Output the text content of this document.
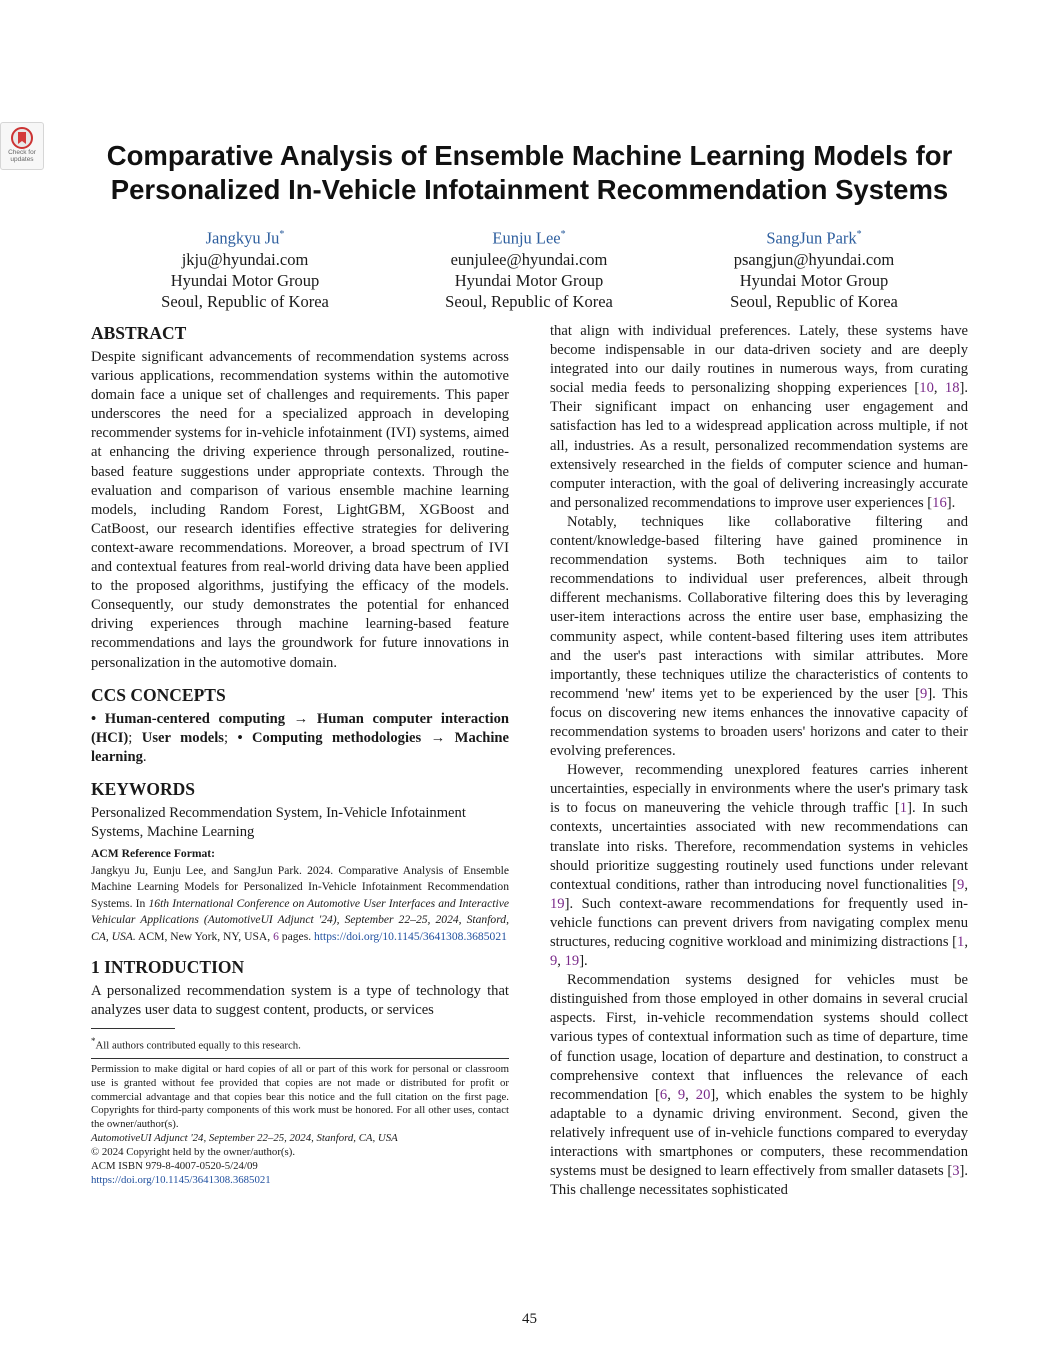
Check for
updates	Comparative Analysis of Ensemble Machine Learning Models for
Personalized In-Vehicle Infotainment Recommendation Systems
Jangkyu Ju*
jkju@hyundai.com
Hyundai Motor Group
Seoul, Republic of Korea
Eunju Lee*
eunjulee@hyundai.com
Hyundai Motor Group
Seoul, Republic of Korea
SangJun Park*
psangjun@hyundai.com
Hyundai Motor Group
Seoul, Republic of Korea
ABSTRACT

Despite significant advancements of recommendation systems across various applications, recommendation systems within the automotive domain face a unique set of challenges and requirements. This paper underscores the need for a specialized approach in developing recommender systems for in-vehicle infotainment (IVI) systems, aimed at enhancing the driving experience through personalized, routine-based feature suggestions under appropriate contexts. Through the evaluation and comparison of various ensemble machine learning models, including Random Forest, LightGBM, XGBoost and CatBoost, our research identifies effective strategies for delivering context-aware recommendations. Moreover, a broad spectrum of IVI and contextual features from real-world driving data have been applied to the proposed algorithms, justifying the efficacy of the models. Consequently, our study demonstrates the potential for enhanced driving experiences through machine learning-based feature recommendations and lays the groundwork for future innovations in personalization in the automotive domain.

CCS CONCEPTS

• Human-centered computing → Human computer interaction (HCI); User models; • Computing methodologies → Machine learning.

KEYWORDS

Personalized Recommendation System, In-Vehicle Infotainment Systems, Machine Learning

ACM Reference Format:

Jangkyu Ju, Eunju Lee, and SangJun Park. 2024. Comparative Analysis of Ensemble Machine Learning Models for Personalized In-Vehicle Infotainment Recommendation Systems. In 16th International Conference on Automotive User Interfaces and Interactive Vehicular Applications (AutomotiveUI Adjunct '24), September 22–25, 2024, Stanford, CA, USA. ACM, New York, NY, USA, 6 pages. https://doi.org/10.1145/3641308.3685021

1 INTRODUCTION

A personalized recommendation system is a type of technology that analyzes user data to suggest content, products, or services

*All authors contributed equally to this research.

Permission to make digital or hard copies of all or part of this work for personal or classroom use is granted without fee provided that copies are not made or distributed for profit or commercial advantage and that copies bear this notice and the full citation on the first page. Copyrights for third-party components of this work must be honored. For all other uses, contact the owner/author(s).

AutomotiveUI Adjunct '24, September 22–25, 2024, Stanford, CA, USA
© 2024 Copyright held by the owner/author(s).
ACM ISBN 979-8-4007-0520-5/24/09
https://doi.org/10.1145/3641308.3685021

that align with individual preferences. Lately, these systems have become indispensable in our data-driven society and are deeply integrated into our daily routines in numerous ways, from curating social media feeds to personalizing shopping experiences [10, 18]. Their significant impact on enhancing user engagement and satisfaction has led to a widespread application across multiple, if not all, industries. As a result, personalized recommendation systems are extensively researched in the fields of computer science and human-computer interaction, with the goal of delivering increasingly accurate and personalized recommendations to improve user experiences [16].

Notably, techniques like collaborative filtering and content/knowledge-based filtering have gained prominence in recommendation systems. Both techniques aim to tailor recommendations to individual user preferences, albeit through different mechanisms. Collaborative filtering does this by leveraging user-item interactions across the entire user base, emphasizing the community aspect, while content-based filtering uses item attributes and the user's past interactions with similar attributes. More importantly, these techniques utilize the characteristics of contents to recommend 'new' items yet to be experienced by the user [9]. This focus on discovering new items enhances the innovative capacity of recommendation systems to broaden users' horizons and cater to their evolving preferences.

However, recommending unexplored features carries inherent uncertainties, especially in environments where the user's primary task is to focus on maneuvering the vehicle through traffic [1]. In such contexts, uncertainties associated with new recommendations can translate into risks. Therefore, recommendation systems in vehicles should prioritize suggesting routinely used functions under relevant contextual conditions, rather than introducing novel functionalities [9, 19]. Such context-aware recommendations for frequently used in-vehicle functions can prevent drivers from navigating complex menu structures, reducing cognitive workload and minimizing distractions [1, 9, 19].

Recommendation systems designed for vehicles must be distinguished from those employed in other domains in several crucial aspects. First, in-vehicle recommendation systems should collect various types of contextual information such as time of departure, time of function usage, location of departure and destination, to construct a comprehensive context that influences the relevance of each recommendation [6, 9, 20], which enables the system to be highly adaptable to a dynamic driving environment. Second, given the relatively infrequent use of in-vehicle functions compared to everyday interactions with smartphones or computers, these recommendation systems must be designed to learn effectively from smaller datasets [3]. This challenge necessitates sophisticated

45
